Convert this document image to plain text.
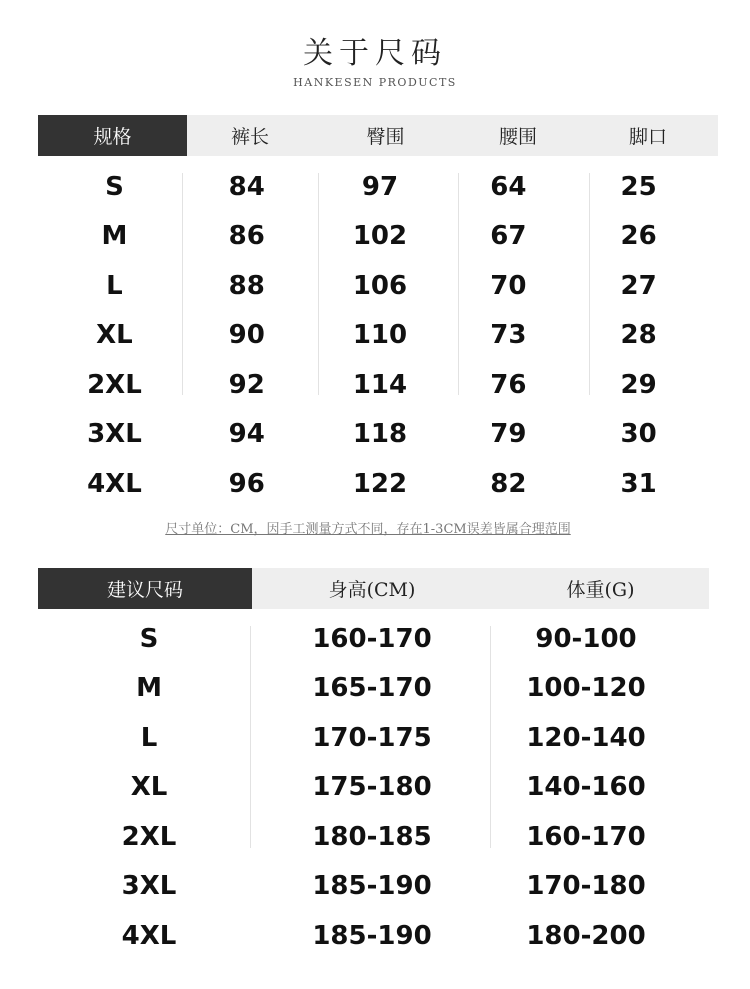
关于尺码
HANKESEN PRODUCTS
规格	裤长	臀围	腰围	脚口
S	84	97	64	25
M	86	102	67	26
L	88	106	70	27
XL	90	110	73	28
2XL	92	114	76	29
3XL	94	118	79	30
4XL	96	122	82	31
尺寸单位：CM，因手工测量方式不同，存在1-3CM误差皆属合理范围
建议尺码	身高(CM)	体重(G)
S	160-170	90-100
M	165-170	100-120
L	170-175	120-140
XL	175-180	140-160
2XL	180-185	160-170
3XL	185-190	170-180
4XL	185-190	180-200
